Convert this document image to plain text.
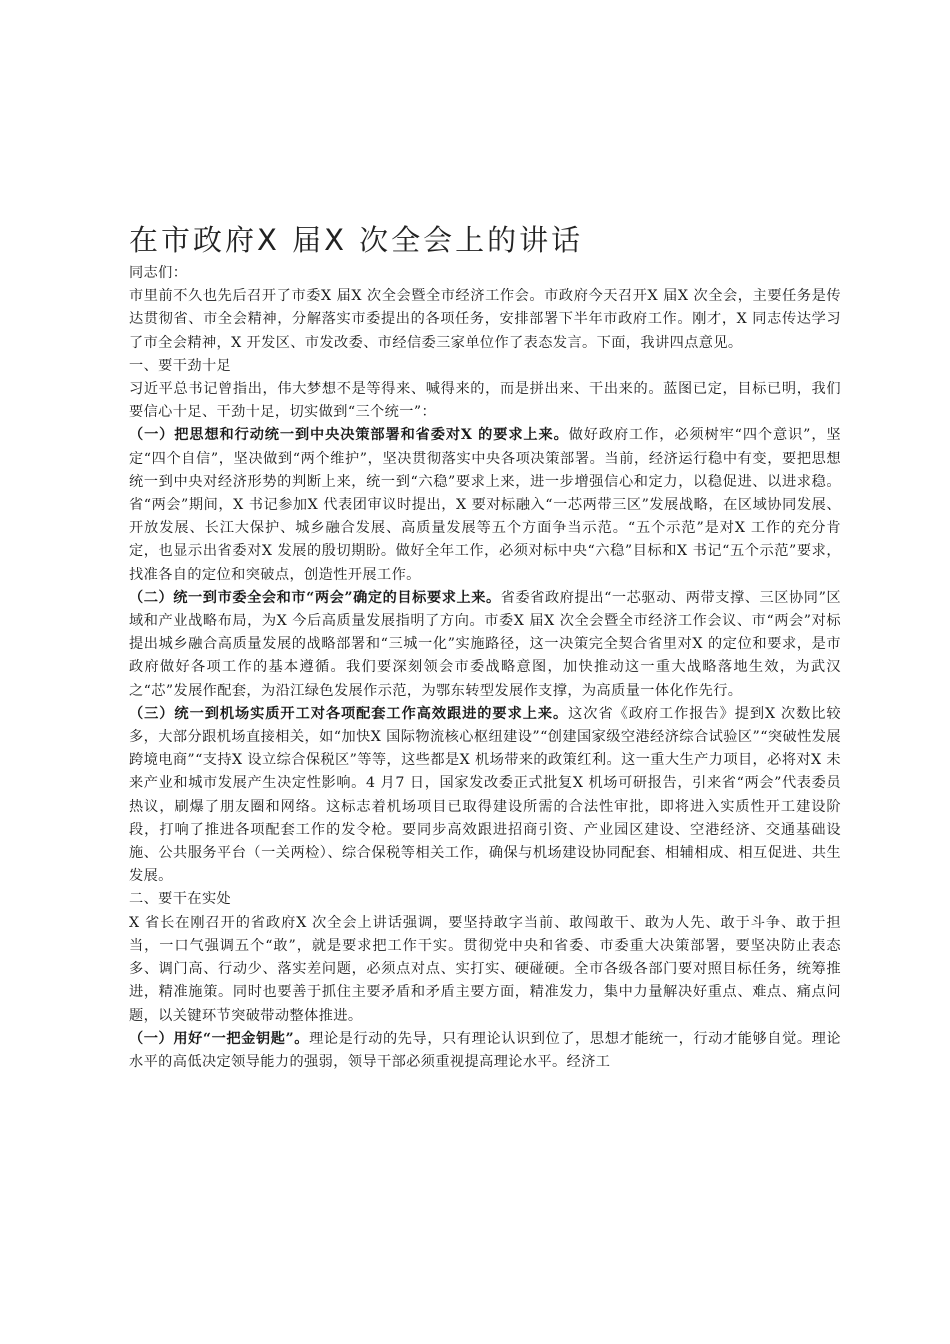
在市政府X 届X 次全会上的讲话

同志们：

市里前不久也先后召开了市委X 届X 次全会暨全市经济工作会。市政府今天召开X 届X 次全会，主要任务是传达贯彻省、市全会精神，分解落实市委提出的各项任务，安排部署下半年市政府工作。刚才，X 同志传达学习了市全会精神，X 开发区、市发改委、市经信委三家单位作了表态发言。下面，我讲四点意见。

一、要干劲十足

习近平总书记曾指出，伟大梦想不是等得来、喊得来的，而是拼出来、干出来的。蓝图已定，目标已明，我们要信心十足、干劲十足，切实做到“三个统一”：

（一）把思想和行动统一到中央决策部署和省委对X 的要求上来。做好政府工作，必须树牢“四个意识”，坚定“四个自信”，坚决做到“两个维护”，坚决贯彻落实中央各项决策部署。当前，经济运行稳中有变，要把思想统一到中央对经济形势的判断上来，统一到“六稳”要求上来，进一步增强信心和定力，以稳促进、以进求稳。省“两会”期间，X 书记参加X 代表团审议时提出，X 要对标融入“一芯两带三区”发展战略，在区域协同发展、开放发展、长江大保护、城乡融合发展、高质量发展等五个方面争当示范。“五个示范”是对X 工作的充分肯定，也显示出省委对X 发展的殷切期盼。做好全年工作，必须对标中央“六稳”目标和X 书记“五个示范”要求，找准各自的定位和突破点，创造性开展工作。

（二）统一到市委全会和市“两会”确定的目标要求上来。省委省政府提出“一芯驱动、两带支撑、三区协同”区域和产业战略布局，为X 今后高质量发展指明了方向。市委X 届X 次全会暨全市经济工作会议、市“两会”对标提出城乡融合高质量发展的战略部署和“三城一化”实施路径，这一决策完全契合省里对X 的定位和要求，是市政府做好各项工作的基本遵循。我们要深刻领会市委战略意图，加快推动这一重大战略落地生效，为武汉之“芯”发展作配套，为沿江绿色发展作示范，为鄂东转型发展作支撑，为高质量一体化作先行。

（三）统一到机场实质开工对各项配套工作高效跟进的要求上来。这次省《政府工作报告》提到X 次数比较多，大部分跟机场直接相关，如“加快X 国际物流核心枢纽建设”“创建国家级空港经济综合试验区”“突破性发展跨境电商”“支持X 设立综合保税区”等等，这些都是X 机场带来的政策红利。这一重大生产力项目，必将对X 未来产业和城市发展产生决定性影响。4 月7 日，国家发改委正式批复X 机场可研报告，引来省“两会”代表委员热议，刷爆了朋友圈和网络。这标志着机场项目已取得建设所需的合法性审批，即将进入实质性开工建设阶段，打响了推进各项配套工作的发令枪。要同步高效跟进招商引资、产业园区建设、空港经济、交通基础设施、公共服务平台（一关两检）、综合保税等相关工作，确保与机场建设协同配套、相辅相成、相互促进、共生发展。

二、要干在实处

X 省长在刚召开的省政府X 次全会上讲话强调，要坚持敢字当前、敢闯敢干、敢为人先、敢于斗争、敢于担当，一口气强调五个“敢”，就是要求把工作干实。贯彻党中央和省委、市委重大决策部署，要坚决防止表态多、调门高、行动少、落实差问题，必须点对点、实打实、硬碰硬。全市各级各部门要对照目标任务，统筹推进，精准施策。同时也要善于抓住主要矛盾和矛盾主要方面，精准发力，集中力量解决好重点、难点、痛点问题，以关键环节突破带动整体推进。

（一）用好“一把金钥匙”。理论是行动的先导，只有理论认识到位了，思想才能统一，行动才能够自觉。理论水平的高低决定领导能力的强弱，领导干部必须重视提高理论水平。经济工
